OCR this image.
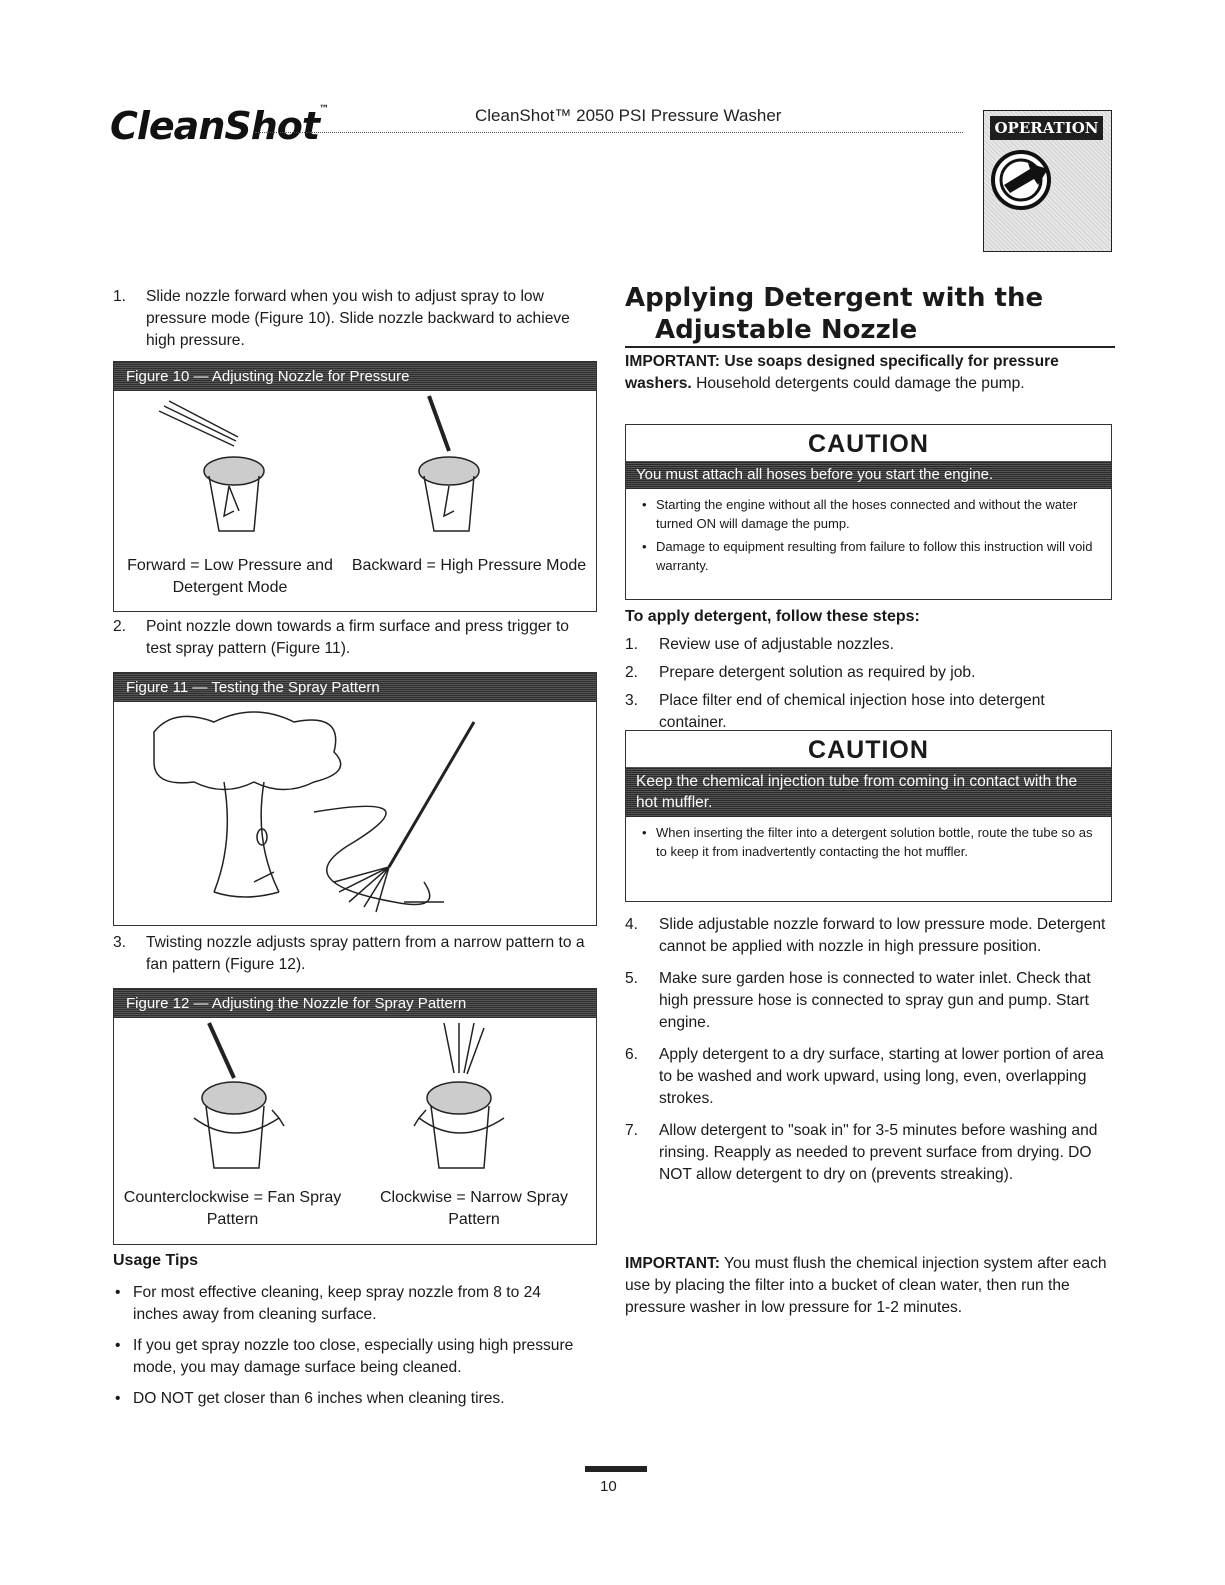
CleanShot™	CleanShot™ 2050 PSI Pressure Washer
OPERATION
1. Slide nozzle forward when you wish to adjust spray to low pressure mode (Figure 10). Slide nozzle backward to achieve high pressure.
Figure 10 — Adjusting Nozzle for Pressure
Forward = Low Pressure and Detergent Mode
Backward = High Pressure Mode
2. Point nozzle down towards a firm surface and press trigger to test spray pattern (Figure 11).
Figure 11 — Testing the Spray Pattern
3. Twisting nozzle adjusts spray pattern from a narrow pattern to a fan pattern (Figure 12).
Figure 12 — Adjusting the Nozzle for Spray Pattern
Counterclockwise = Fan Spray Pattern
Clockwise = Narrow Spray Pattern
Usage Tips
• For most effective cleaning, keep spray nozzle from 8 to 24 inches away from cleaning surface.
• If you get spray nozzle too close, especially using high pressure mode, you may damage surface being cleaned.
• DO NOT get closer than 6 inches when cleaning tires.
Applying Detergent with the
Adjustable Nozzle
IMPORTANT: Use soaps designed specifically for pressure washers. Household detergents could damage the pump.
CAUTION
You must attach all hoses before you start the engine.
• Starting the engine without all the hoses connected and without the water turned ON will damage the pump.
• Damage to equipment resulting from failure to follow this instruction will void warranty.
To apply detergent, follow these steps:
1. Review use of adjustable nozzles.
2. Prepare detergent solution as required by job.
3. Place filter end of chemical injection hose into detergent container.
CAUTION
Keep the chemical injection tube from coming in contact with the hot muffler.
• When inserting the filter into a detergent solution bottle, route the tube so as to keep it from inadvertently contacting the hot muffler.
4. Slide adjustable nozzle forward to low pressure mode. Detergent cannot be applied with nozzle in high pressure position.
5. Make sure garden hose is connected to water inlet. Check that high pressure hose is connected to spray gun and pump. Start engine.
6. Apply detergent to a dry surface, starting at lower portion of area to be washed and work upward, using long, even, overlapping strokes.
7. Allow detergent to "soak in" for 3-5 minutes before washing and rinsing. Reapply as needed to prevent surface from drying. DO NOT allow detergent to dry on (prevents streaking).
IMPORTANT: You must flush the chemical injection system after each use by placing the filter into a bucket of clean water, then run the pressure washer in low pressure for 1-2 minutes.
10
